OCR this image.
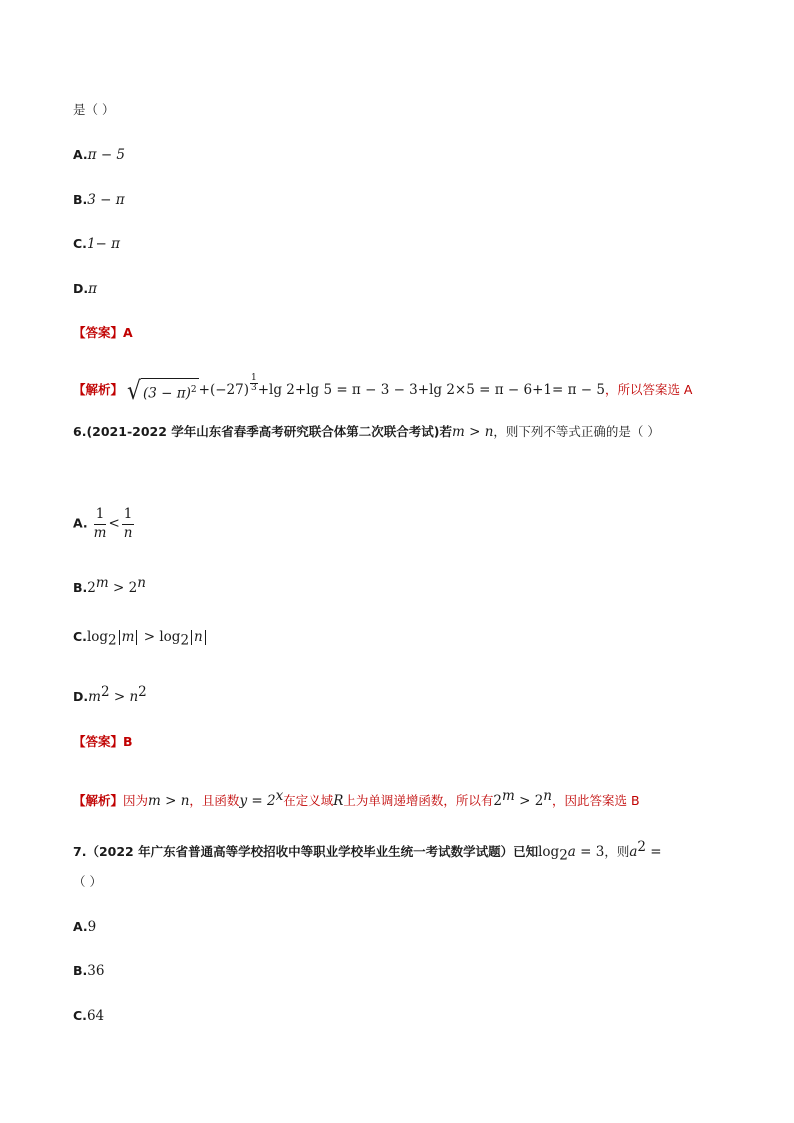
是（ ）
A.π − 5
B.3 − π
C.1− π
D.π
【答案】A
【解析】 √ $(3 - \pi)^2 +(-27) \frac{1}{3} +\lg$ 2+lg 5 = π − 3 − 3+lg 2×5 = π − 6+1= π − 5，所以答案选 A
6.(2021-2022 学年山东省春季高考研究联合体第二次联合考试)若m > n，则下列不等式正确的是（ ）
A. $\frac{1}{m} < \frac{1}{n}$
$B.2^m > 2^n$
$C.\log_2$ $m > \log_2 n$
$D.m^2 > n^2$
【答案】B
【解析】因为m > n，且函数$y = 2^x$在定义域R上为单调递增函数，所以有$2^m > 2^n$，因此答案选 B
7.（2022 年广东省普通高等学校招收中等职业学校毕业生统一考试数学试题）已知$\log_2a = 3$，则$a^2$ =
（ ）
A.9
B.36
C.64
